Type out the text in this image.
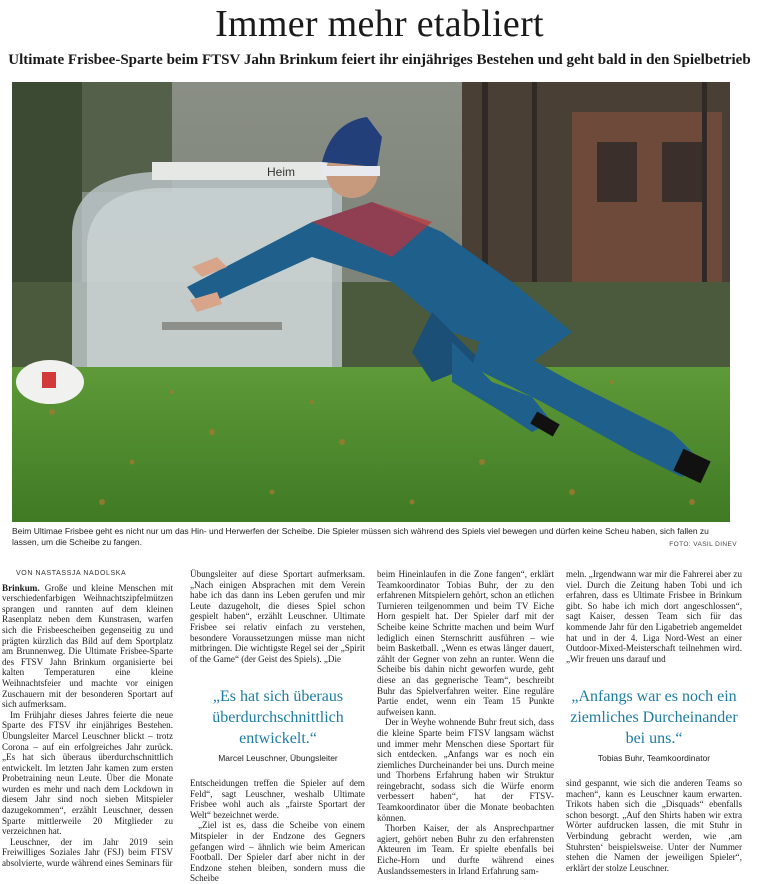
Immer mehr etabliert
Ultimate Frisbee-Sparte beim FTSV Jahn Brinkum feiert ihr einjähriges Bestehen und geht bald in den Spielbetrieb
Heim
Beim Ultimae Frisbee geht es nicht nur um das Hin- und Herwerfen der Scheibe. Die Spieler müssen sich während des Spiels viel bewegen und dürfen keine Scheu haben, sich fallen zu lassen, um die Scheibe zu fangen.	FOTO: VASIL DINEV
VON NASTASSJA NADOLSKA

Brinkum. Große und kleine Menschen mit verschiedenfarbigen Weihnachtszipfelmützen sprangen und rannten auf dem kleinen Rasenplatz neben dem Kunstrasen, warfen sich die Frisbeescheiben gegenseitig zu und prägten kürzlich das Bild auf dem Sportplatz am Brunnenweg. Die Ultimate Frisbee-Sparte des FTSV Jahn Brinkum organisierte bei kalten Temperaturen eine kleine Weihnachtsfeier und machte vor einigen Zuschauern mit der besonderen Sportart auf sich aufmerksam.

Im Frühjahr dieses Jahres feierte die neue Sparte des FTSV ihr einjähriges Bestehen. Übungsleiter Marcel Leuschner blickt – trotz Corona – auf ein erfolgreiches Jahr zurück. „Es hat sich überaus überdurchschnittlich entwickelt. Im letzten Jahr kamen zum ersten Probetraining neun Leute. Über die Monate wurden es mehr und nach dem Lockdown in diesem Jahr sind noch sieben Mitspieler dazugekommen“, erzählt Leuschner, dessen Sparte mittlerweile 20 Mitglieder zu verzeichnen hat.

Leuschner, der im Jahr 2019 sein Freiwilliges Soziales Jahr (FSJ) beim FTSV absolvierte, wurde während eines Seminars für

Übungsleiter auf diese Sportart aufmerksam. „Nach einigen Absprachen mit dem Verein habe ich das dann ins Leben gerufen und mir Leute dazugeholt, die dieses Spiel schon gespielt haben“, erzählt Leuschner. Ultimate Frisbee sei relativ einfach zu verstehen, besondere Voraussetzungen müsse man nicht mitbringen. Die wichtigste Regel sei der „Spirit of the Game“ (der Geist des Spiels). „Die

„Es hat sich überaus überdurchschnittlich entwickelt.“
Marcel Leuschner, Übungsleiter

Entscheidungen treffen die Spieler auf dem Feld“, sagt Leuschner, weshalb Ultimate Frisbee wohl auch als „fairste Sportart der Welt“ bezeichnet werde.

„Ziel ist es, dass die Scheibe von einem Mitspieler in der Endzone des Gegners gefangen wird – ähnlich wie beim American Football. Der Spieler darf aber nicht in der Endzone stehen bleiben, sondern muss die Scheibe

beim Hineinlaufen in die Zone fangen“, erklärt Teamkoordinator Tobias Buhr, der zu den erfahrenen Mitspielern gehört, schon an etlichen Turnieren teilgenommen und beim TV Eiche Horn gespielt hat. Der Spieler darf mit der Scheibe keine Schritte machen und beim Wurf lediglich einen Sternschritt ausführen – wie beim Basketball. „Wenn es etwas länger dauert, zählt der Gegner von zehn an runter. Wenn die Scheibe bis dahin nicht geworfen wurde, geht diese an das gegnerische Team“, beschreibt Buhr das Spielverfahren weiter. Eine reguläre Partie endet, wenn ein Team 15 Punkte aufweisen kann.

Der in Weyhe wohnende Buhr freut sich, dass die kleine Sparte beim FTSV langsam wächst und immer mehr Menschen diese Sportart für sich entdecken. „Anfangs war es noch ein ziemliches Durcheinander bei uns. Durch meine und Thorbens Erfahrung haben wir Struktur reingebracht, sodass sich die Würfe enorm verbessert haben“, hat der FTSV-Teamkoordinator über die Monate beobachten können.

Thorben Kaiser, der als Ansprechpartner agiert, gehört neben Buhr zu den erfahrensten Akteuren im Team. Er spielte ebenfalls bei Eiche-Horn und durfte während eines Auslandssemesters in Irland Erfahrung sam-

meln. „Irgendwann war mir die Fahrerei aber zu viel. Durch die Zeitung haben Tobi und ich erfahren, dass es Ultimate Frisbee in Brinkum gibt. So habe ich mich dort angeschlossen“, sagt Kaiser, dessen Team sich für das kommende Jahr für den Ligabetrieb angemeldet hat und in der 4. Liga Nord-West an einer Outdoor-Mixed-Meisterschaft teilnehmen wird. „Wir freuen uns darauf und

„Anfangs war es noch ein ziemliches Durcheinander bei uns.“
Tobias Buhr, Teamkoordinator

sind gespannt, wie sich die anderen Teams so machen“, kann es Leuschner kaum erwarten. Trikots haben sich die „Disquads“ ebenfalls schon besorgt. „Auf den Shirts haben wir extra Wörter aufdrucken lassen, die mit Stuhr in Verbindung gebracht werden, wie ‚am Stuhrsten‘ beispielsweise. Unter der Nummer stehen die Namen der jeweiligen Spieler“, erklärt der stolze Leuschner.
